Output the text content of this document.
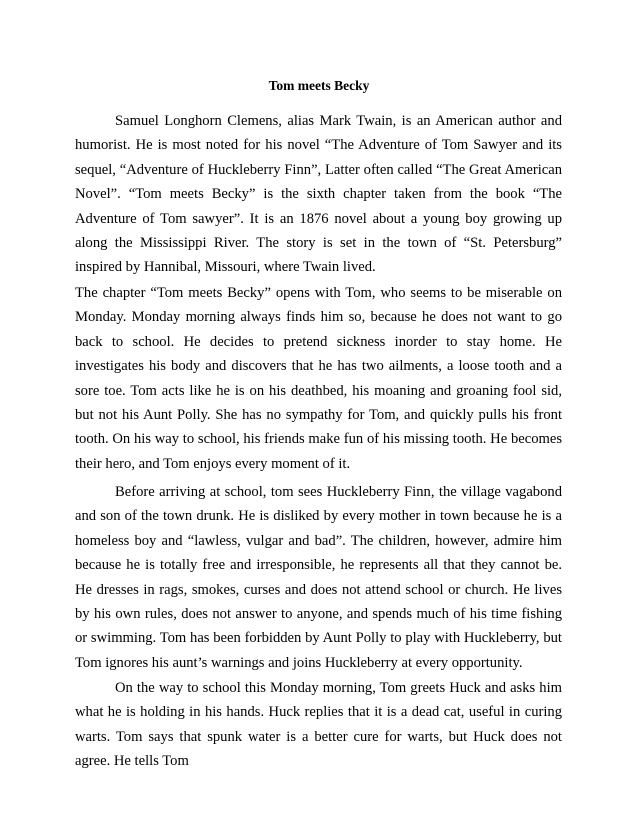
Tom meets Becky

Samuel Longhorn Clemens, alias Mark Twain, is an American author and humorist. He is most noted for his novel “The Adventure of Tom Sawyer and its sequel, “Adventure of Huckleberry Finn”, Latter often called “The Great American Novel”. “Tom meets Becky” is the sixth chapter taken from the book “The Adventure of Tom sawyer”. It is an 1876 novel about a young boy growing up along the Mississippi River. The story is set in the town of “St. Petersburg” inspired by Hannibal, Missouri, where Twain lived.

The chapter “Tom meets Becky” opens with Tom, who seems to be miserable on Monday. Monday morning always finds him so, because he does not want to go back to school. He decides to pretend sickness inorder to stay home. He investigates his body and discovers that he has two ailments, a loose tooth and a sore toe. Tom acts like he is on his deathbed, his moaning and groaning fool sid, but not his Aunt Polly. She has no sympathy for Tom, and quickly pulls his front tooth. On his way to school, his friends make fun of his missing tooth. He becomes their hero, and Tom enjoys every moment of it.

Before arriving at school, tom sees Huckleberry Finn, the village vagabond and son of the town drunk. He is disliked by every mother in town because he is a homeless boy and “lawless, vulgar and bad”. The children, however, admire him because he is totally free and irresponsible, he represents all that they cannot be. He dresses in rags, smokes, curses and does not attend school or church. He lives by his own rules, does not answer to anyone, and spends much of his time fishing or swimming. Tom has been forbidden by Aunt Polly to play with Huckleberry, but Tom ignores his aunt’s warnings and joins Huckleberry at every opportunity.

On the way to school this Monday morning, Tom greets Huck and asks him what he is holding in his hands. Huck replies that it is a dead cat, useful in curing warts. Tom says that spunk water is a better cure for warts, but Huck does not agree. He tells Tom
